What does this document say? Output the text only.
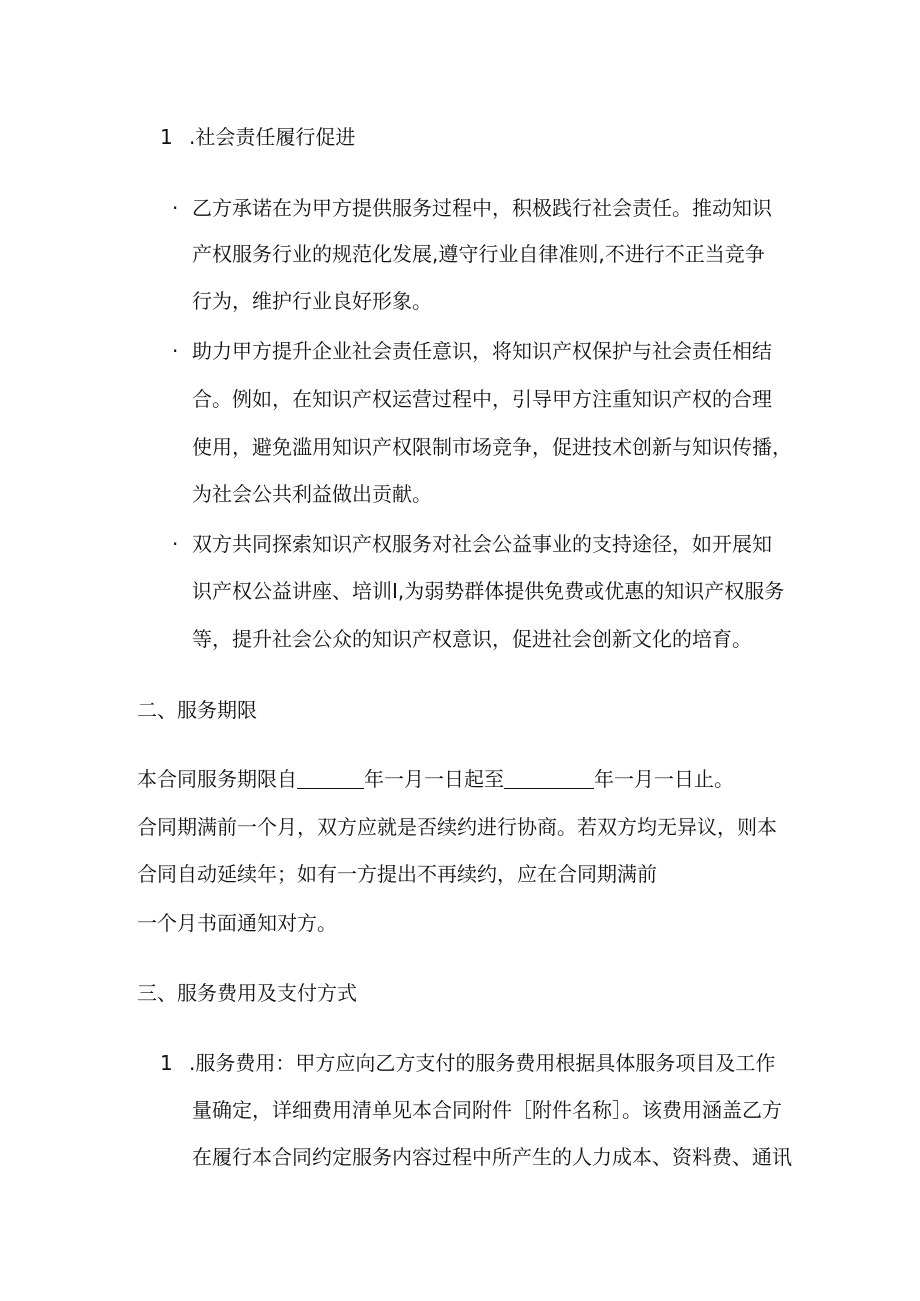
1 .社会责任履行促进
· 乙方承诺在为甲方提供服务过程中，积极践行社会责任。推动知识
产权服务行业的规范化发展,遵守行业自律准则,不进行不正当竞争
行为，维护行业良好形象。
· 助力甲方提升企业社会责任意识，将知识产权保护与社会责任相结
合。例如，在知识产权运营过程中，引导甲方注重知识产权的合理
使用，避免滥用知识产权限制市场竞争，促进技术创新与知识传播，
为社会公共利益做出贡献。
· 双方共同探索知识产权服务对社会公益事业的支持途径，如开展知
识产权公益讲座、培训I,为弱势群体提供免费或优惠的知识产权服务
等，提升社会公众的知识产权意识，促进社会创新文化的培育。
二、服务期限
本合同服务期限自	年一月一日起至	年一月一日止。
合同期满前一个月，双方应就是否续约进行协商。若双方均无异议，则本
合同自动延续年；如有一方提出不再续约，应在合同期满前
一个月书面通知对方。
三、服务费用及支付方式
1 .服务费用：甲方应向乙方支付的服务费用根据具体服务项目及工作
量确定，详细费用清单见本合同附件［附件名称］。该费用涵盖乙方
在履行本合同约定服务内容过程中所产生的人力成本、资料费、通讯
